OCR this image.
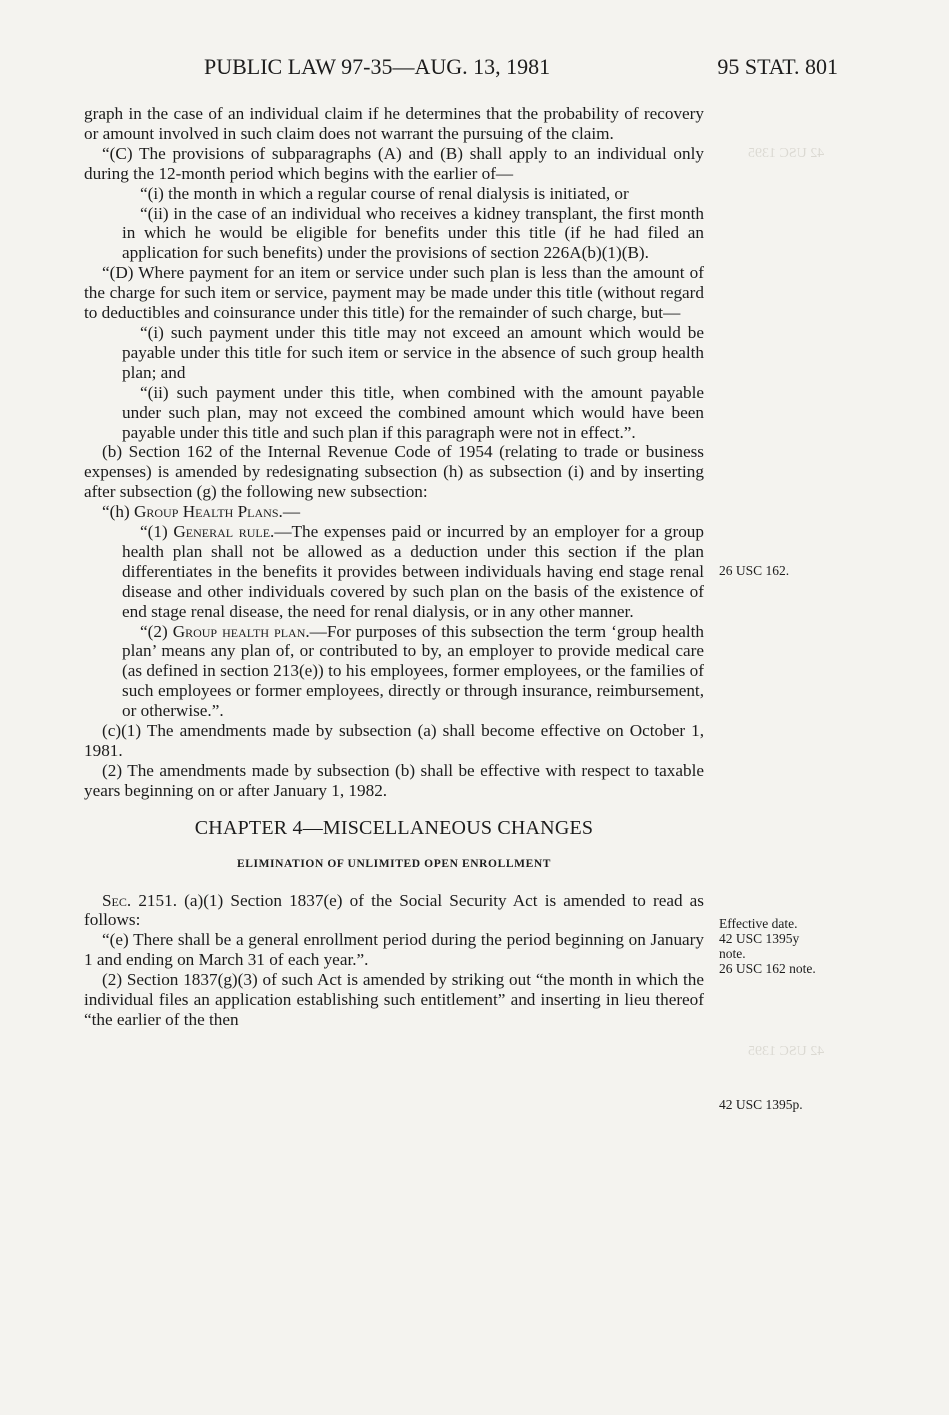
42 USC 1395
42 USC 1395
PUBLIC LAW 97-35—AUG. 13, 1981	95 STAT. 801

graph in the case of an individual claim if he determines that the probability of recovery or amount involved in such claim does not warrant the pursuing of the claim.

“(C) The provisions of subparagraphs (A) and (B) shall apply to an individual only during the 12-month period which begins with the earlier of—

“(i) the month in which a regular course of renal dialysis is initiated, or

“(ii) in the case of an individual who receives a kidney transplant, the first month in which he would be eligible for benefits under this title (if he had filed an application for such benefits) under the provisions of section 226A(b)(1)(B).

“(D) Where payment for an item or service under such plan is less than the amount of the charge for such item or service, payment may be made under this title (without regard to deductibles and coinsurance under this title) for the remainder of such charge, but—

“(i) such payment under this title may not exceed an amount which would be payable under this title for such item or service in the absence of such group health plan; and

“(ii) such payment under this title, when combined with the amount payable under such plan, may not exceed the combined amount which would have been payable under this title and such plan if this paragraph were not in effect.”.

(b) Section 162 of the Internal Revenue Code of 1954 (relating to trade or business expenses) is amended by redesignating subsection (h) as subsection (i) and by inserting after subsection (g) the following new subsection:

“(h) Group Health Plans.—

“(1) General rule.—The expenses paid or incurred by an employer for a group health plan shall not be allowed as a deduction under this section if the plan differentiates in the benefits it provides between individuals having end stage renal disease and other individuals covered by such plan on the basis of the existence of end stage renal disease, the need for renal dialysis, or in any other manner.

“(2) Group health plan.—For purposes of this subsection the term ‘group health plan’ means any plan of, or contributed to by, an employer to provide medical care (as defined in section 213(e)) to his employees, former employees, or the families of such employees or former employees, directly or through insurance, reimbursement, or otherwise.”.

(c)(1) The amendments made by subsection (a) shall become effective on October 1, 1981.

(2) The amendments made by subsection (b) shall be effective with respect to taxable years beginning on or after January 1, 1982.

CHAPTER 4—MISCELLANEOUS CHANGES
ELIMINATION OF UNLIMITED OPEN ENROLLMENT

Sec. 2151. (a)(1) Section 1837(e) of the Social Security Act is amended to read as follows:

“(e) There shall be a general enrollment period during the period beginning on January 1 and ending on March 31 of each year.”.

(2) Section 1837(g)(3) of such Act is amended by striking out “the month in which the individual files an application establishing such entitlement” and inserting in lieu thereof “the earlier of the then

26 USC 162.
Effective date.
42 USC 1395y
note.
26 USC 162 note.
42 USC 1395p.
